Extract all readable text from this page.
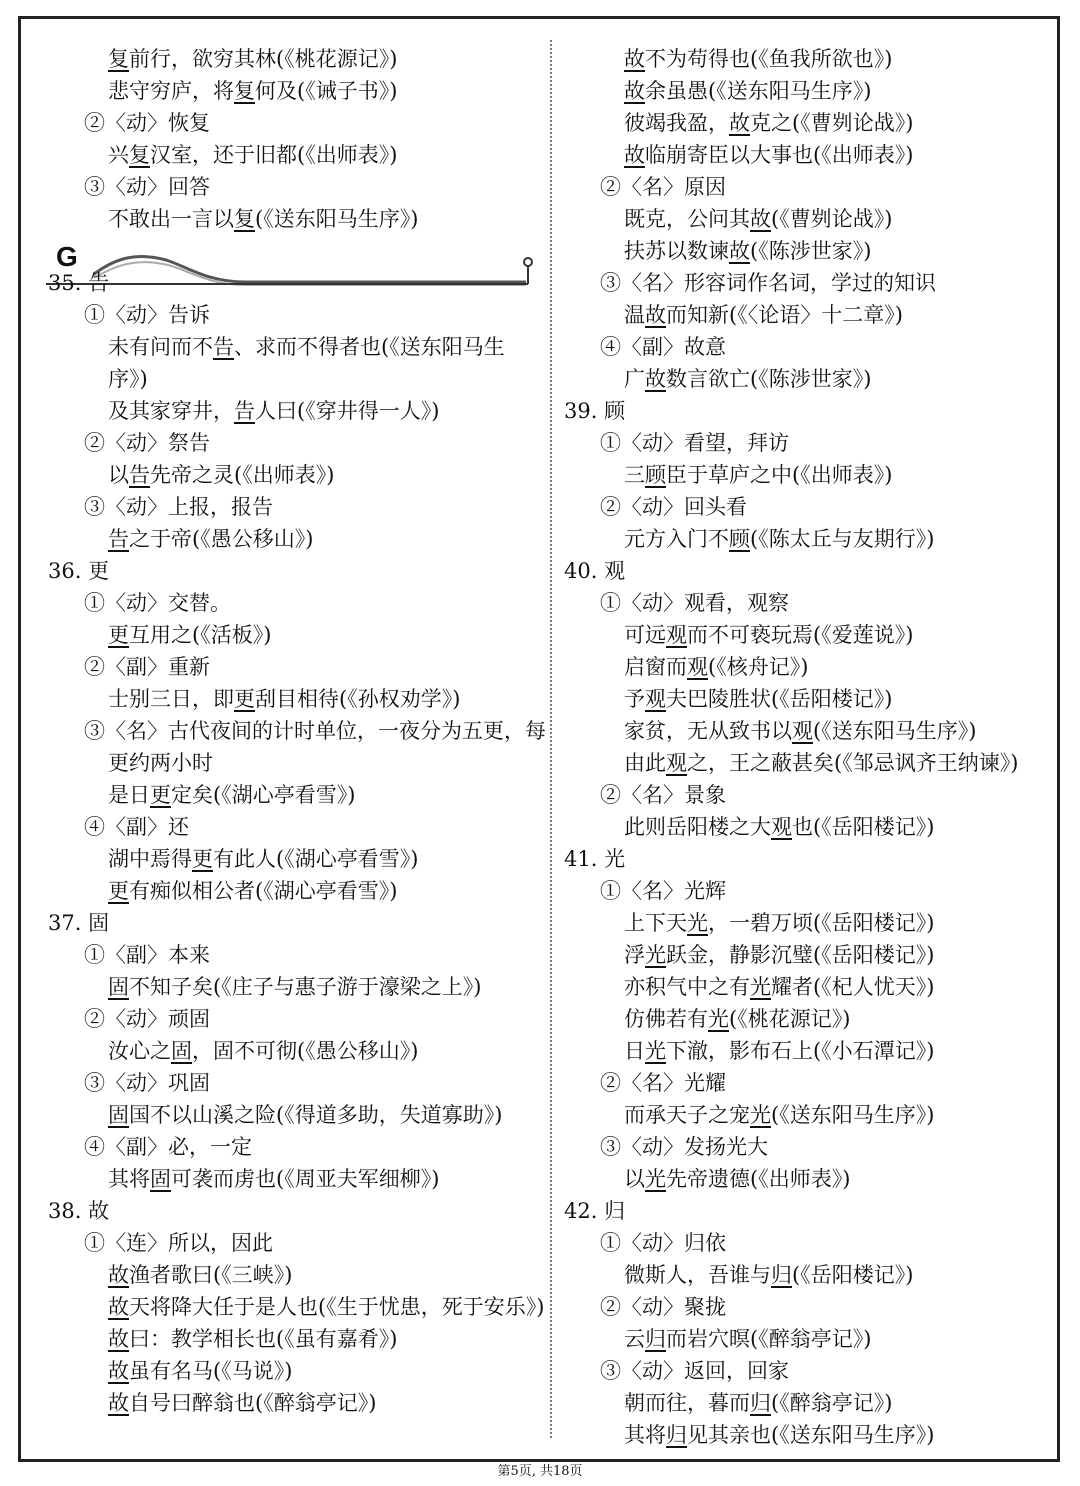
G
复前行，欲穷其林(《桃花源记》)
悲守穷庐，将复何及(《诫子书》)
②〈动〉恢复
兴复汉室，还于旧都(《出师表》)
③〈动〉回答
不敢出一言以复(《送东阳马生序》)
35. 告
①〈动〉告诉
未有问而不告、求而不得者也(《送东阳马生
序》)
及其家穿井，告人曰(《穿井得一人》)
②〈动〉祭告
以告先帝之灵(《出师表》)
③〈动〉上报，报告
告之于帝(《愚公移山》)
36. 更
①〈动〉交替。
更互用之(《活板》)
②〈副〉重新
士别三日，即更刮目相待(《孙权劝学》)
③〈名〉古代夜间的计时单位，一夜分为五更，每
更约两小时
是日更定矣(《湖心亭看雪》)
④〈副〉还
湖中焉得更有此人(《湖心亭看雪》)
更有痴似相公者(《湖心亭看雪》)
37. 固
①〈副〉本来
固不知子矣(《庄子与惠子游于濠梁之上》)
②〈动〉顽固
汝心之固，固不可彻(《愚公移山》)
③〈动〉巩固
固国不以山溪之险(《得道多助，失道寡助》)
④〈副〉必，一定
其将固可袭而虏也(《周亚夫军细柳》)
38. 故
①〈连〉所以，因此
故渔者歌曰(《三峡》)
故天将降大任于是人也(《生于忧患，死于安乐》)
故曰：教学相长也(《虽有嘉肴》)
故虽有名马(《马说》)
故自号曰醉翁也(《醉翁亭记》)
故不为苟得也(《鱼我所欲也》)
故余虽愚(《送东阳马生序》)
彼竭我盈，故克之(《曹刿论战》)
故临崩寄臣以大事也(《出师表》)
②〈名〉原因
既克，公问其故(《曹刿论战》)
扶苏以数谏故(《陈涉世家》)
③〈名〉形容词作名词，学过的知识
温故而知新(《〈论语〉十二章》)
④〈副〉故意
广故数言欲亡(《陈涉世家》)
39. 顾
①〈动〉看望，拜访
三顾臣于草庐之中(《出师表》)
②〈动〉回头看
元方入门不顾(《陈太丘与友期行》)
40. 观
①〈动〉观看，观察
可远观而不可亵玩焉(《爱莲说》)
启窗而观(《核舟记》)
予观夫巴陵胜状(《岳阳楼记》)
家贫，无从致书以观(《送东阳马生序》)
由此观之，王之蔽甚矣(《邹忌讽齐王纳谏》)
②〈名〉景象
此则岳阳楼之大观也(《岳阳楼记》)
41. 光
①〈名〉光辉
上下天光，一碧万顷(《岳阳楼记》)
浮光跃金，静影沉璧(《岳阳楼记》)
亦积气中之有光耀者(《杞人忧天》)
仿佛若有光(《桃花源记》)
日光下澈，影布石上(《小石潭记》)
②〈名〉光耀
而承天子之宠光(《送东阳马生序》)
③〈动〉发扬光大
以光先帝遗德(《出师表》)
42. 归
①〈动〉归依
微斯人，吾谁与归(《岳阳楼记》)
②〈动〉聚拢
云归而岩穴暝(《醉翁亭记》)
③〈动〉返回，回家
朝而往，暮而归(《醉翁亭记》)
其将归见其亲也(《送东阳马生序》)
第5页, 共18页
